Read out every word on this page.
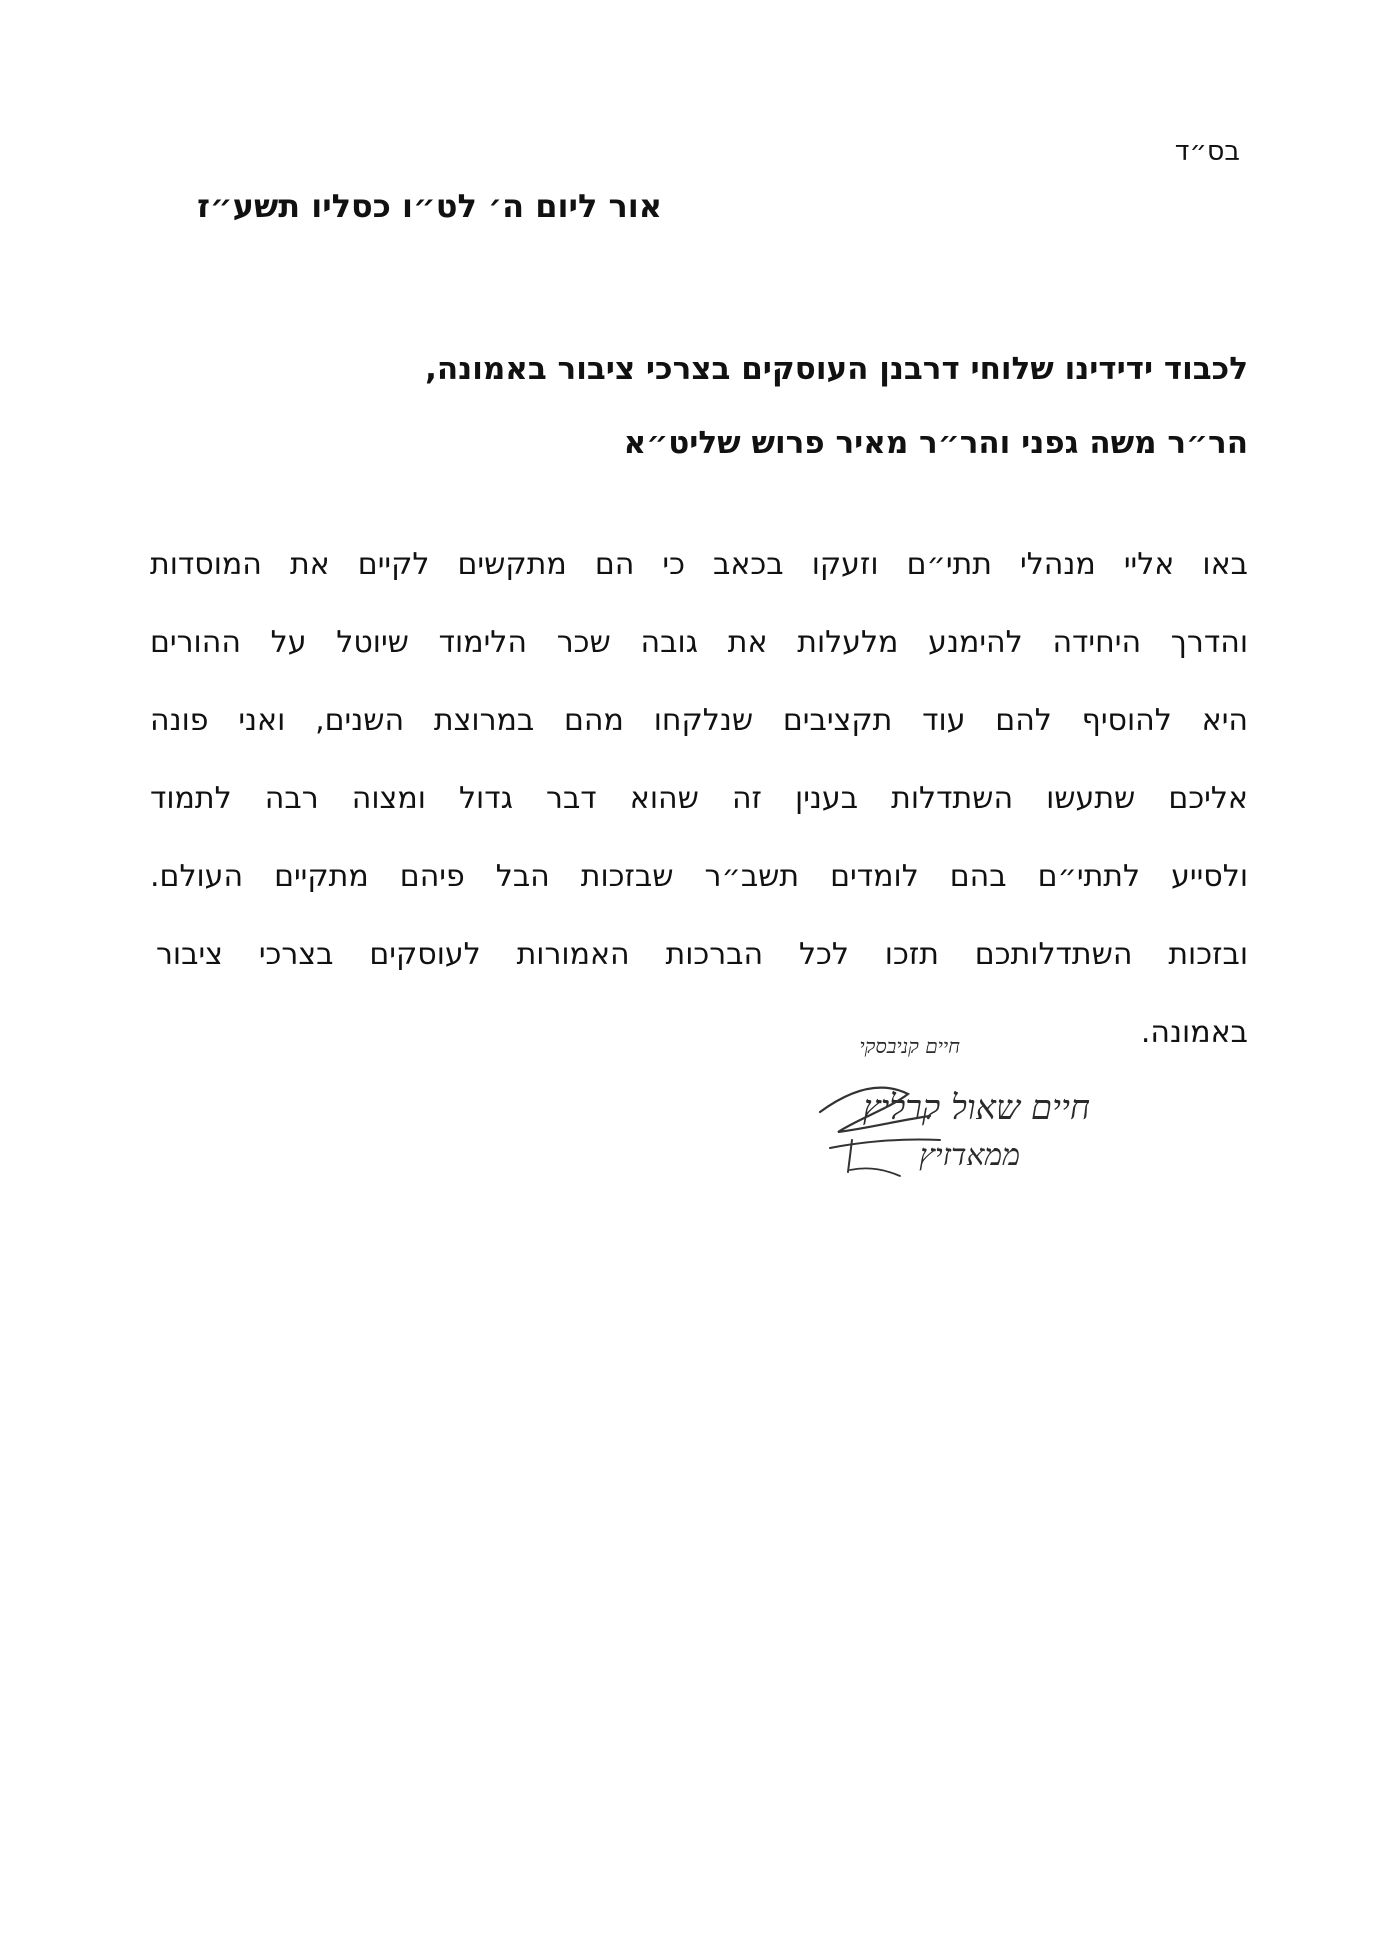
בס״ד
אור ליום ה׳ לט״ו כסליו תשע״ז
לכבוד ידידינו שלוחי דרבנן העוסקים בצרכי ציבור באמונה,
הר״ר משה גפני והר״ר מאיר פרוש שליט״א
באו אליי מנהלי תתי״ם וזעקו בכאב כי הם מתקשים לקיים את המוסדות
והדרך היחידה להימנע מלעלות את גובה שכר הלימוד שיוטל על ההורים
היא להוסיף להם עוד תקציבים שנלקחו מהם במרוצת השנים, ואני פונה
אליכם שתעשו השתדלות בענין זה שהוא דבר גדול ומצוה רבה לתמוד
ולסייע לתתי״ם בהם לומדים תשב״ר שבזכות הבל פיהם מתקיים העולם.
ובזכות השתדלותכם תזכו לכל הברכות האמורות לעוסקים בצרכי ציבור
באמונה.
חיים קניבסקי
חיים שאול קרליץ
ממאדזיץ
